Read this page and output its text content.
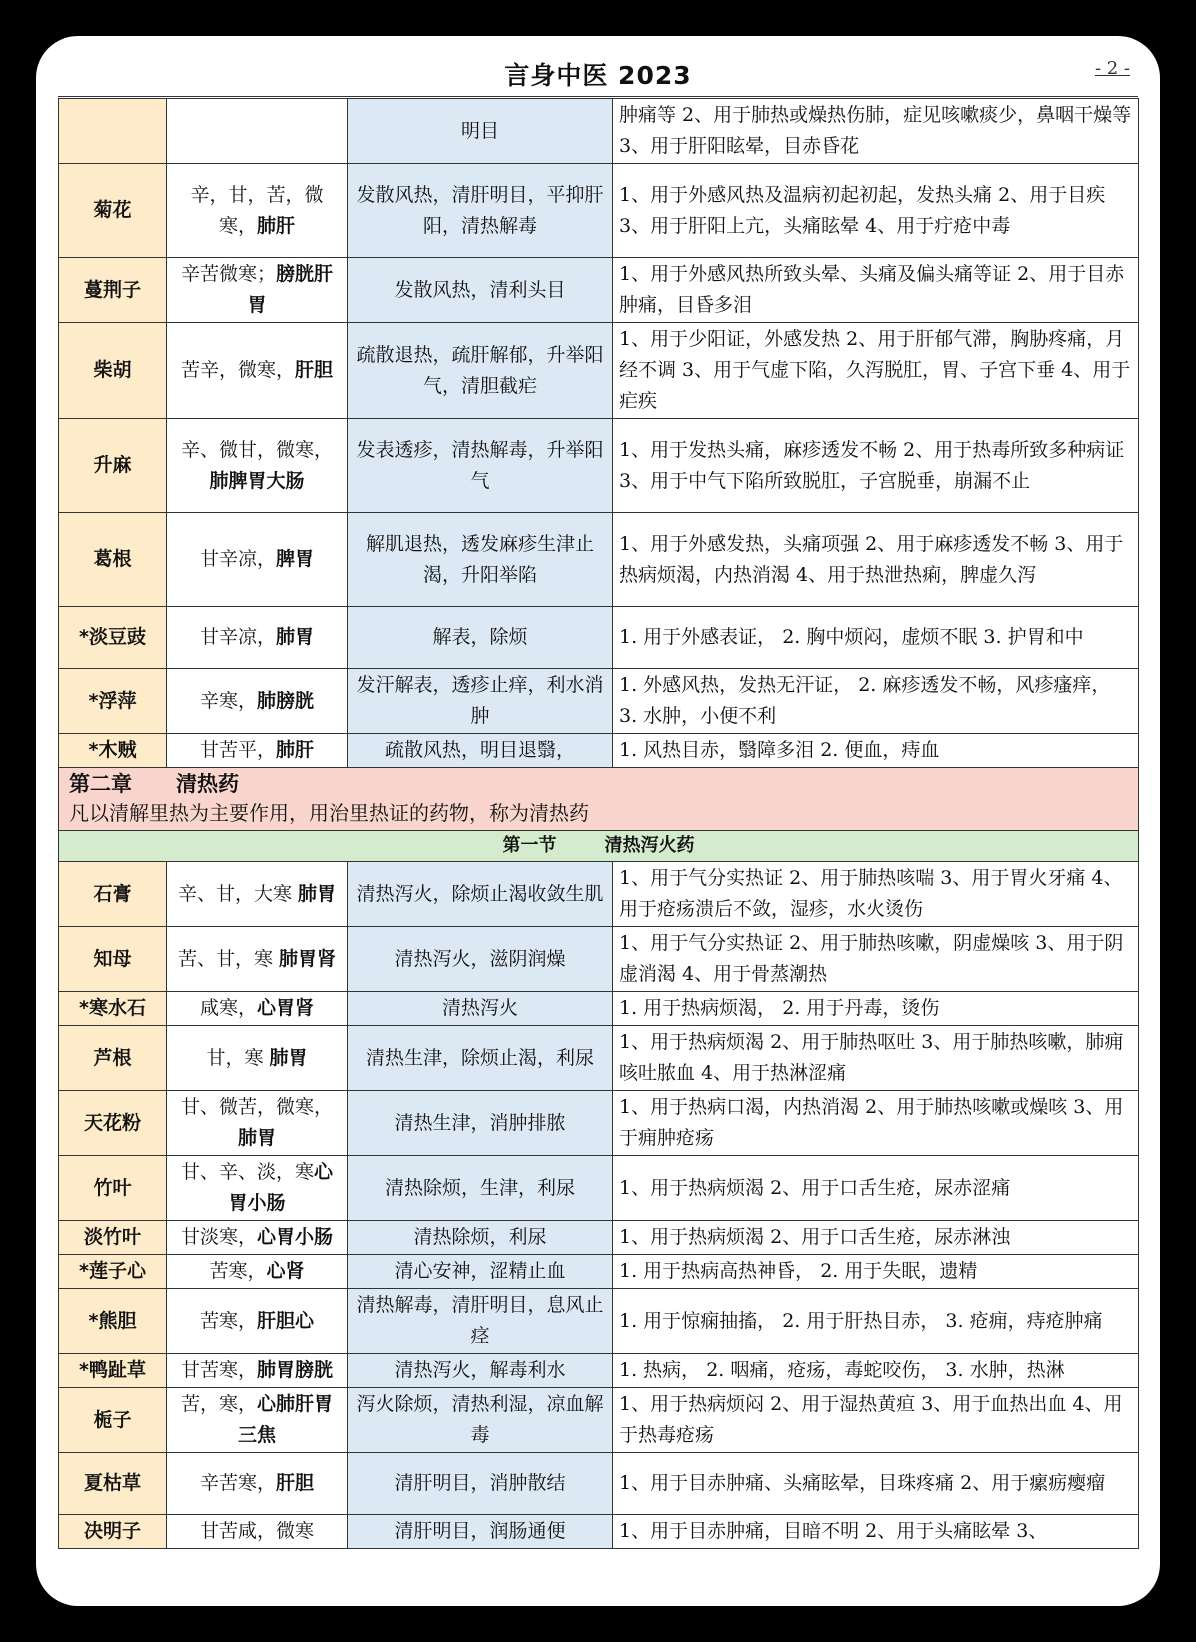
言身中医 2023	- 2 -
		明目	肿痛等 2、用于肺热或燥热伤肺，症见咳嗽痰少，鼻咽干燥等 3、用于肝阳眩晕，目赤昏花
菊花	辛，甘，苦，微寒，肺肝	发散风热，清肝明目，平抑肝阳，清热解毒	1、用于外感风热及温病初起初起，发热头痛 2、用于目疾 3、用于肝阳上亢，头痛眩晕 4、用于疔疮中毒
蔓荆子	辛苦微寒；膀胱肝胃	发散风热，清利头目	1、用于外感风热所致头晕、头痛及偏头痛等证 2、用于目赤肿痛，目昏多泪
柴胡	苦辛，微寒，肝胆	疏散退热，疏肝解郁，升举阳气，清胆截疟	1、用于少阳证，外感发热 2、用于肝郁气滞，胸胁疼痛，月经不调 3、用于气虚下陷，久泻脱肛，胃、子宫下垂 4、用于疟疾
升麻	辛、微甘，微寒，肺脾胃大肠	发表透疹，清热解毒，升举阳气	1、用于发热头痛，麻疹透发不畅 2、用于热毒所致多种病证 3、用于中气下陷所致脱肛，子宫脱垂，崩漏不止
葛根	甘辛凉，脾胃	解肌退热，透发麻疹生津止渴，升阳举陷	1、用于外感发热，头痛项强 2、用于麻疹透发不畅 3、用于热病烦渴，内热消渴 4、用于热泄热痢，脾虚久泻
*淡豆豉	甘辛凉，肺胃	解表，除烦	1. 用于外感表证， 2. 胸中烦闷，虚烦不眠 3. 护胃和中
*浮萍	辛寒，肺膀胱	发汗解表，透疹止痒，利水消肿	1. 外感风热，发热无汗证， 2. 麻疹透发不畅，风疹瘙痒， 3. 水肿，小便不利
*木贼	甘苦平，肺肝	疏散风热，明目退翳，	1. 风热目赤，翳障多泪 2. 便血，痔血

第二章 清热药
凡以清解里热为主要作用，用治里热证的药物，称为清热药			

第一节 清热泻火药			
石膏	辛、甘，大寒 肺胃	清热泻火，除烦止渴收敛生肌	1、用于气分实热证 2、用于肺热咳喘 3、用于胃火牙痛 4、用于疮疡溃后不敛，湿疹，水火烫伤
知母	苦、甘，寒 肺胃肾	清热泻火，滋阴润燥	1、用于气分实热证 2、用于肺热咳嗽，阴虚燥咳 3、用于阴虚消渴 4、用于骨蒸潮热
*寒水石	咸寒，心胃肾	清热泻火	1. 用于热病烦渴， 2. 用于丹毒，烫伤
芦根	甘，寒 肺胃	清热生津，除烦止渴，利尿	1、用于热病烦渴 2、用于肺热呕吐 3、用于肺热咳嗽，肺痈咳吐脓血 4、用于热淋涩痛
天花粉	甘、微苦，微寒，肺胃	清热生津，消肿排脓	1、用于热病口渴，内热消渴 2、用于肺热咳嗽或燥咳 3、用于痈肿疮疡
竹叶	甘、辛、淡，寒心胃小肠	清热除烦，生津，利尿	1、用于热病烦渴 2、用于口舌生疮，尿赤涩痛
淡竹叶	甘淡寒，心胃小肠	清热除烦，利尿	1、用于热病烦渴 2、用于口舌生疮，尿赤淋浊
*莲子心	苦寒，心肾	清心安神，涩精止血	1. 用于热病高热神昏， 2. 用于失眠，遗精
*熊胆	苦寒，肝胆心	清热解毒，清肝明目，息风止痉	1. 用于惊痫抽搐， 2. 用于肝热目赤， 3. 疮痈，痔疮肿痛
*鸭趾草	甘苦寒，肺胃膀胱	清热泻火，解毒利水	1. 热病， 2. 咽痛，疮疡，毒蛇咬伤， 3. 水肿，热淋
栀子	苦，寒，心肺肝胃三焦	泻火除烦，清热利湿，凉血解毒	1、用于热病烦闷 2、用于湿热黄疸 3、用于血热出血 4、用于热毒疮疡
夏枯草	辛苦寒，肝胆	清肝明目，消肿散结	1、用于目赤肿痛、头痛眩晕，目珠疼痛 2、用于瘰疬瘿瘤
决明子	甘苦咸，微寒	清肝明目，润肠通便	1、用于目赤肿痛，目暗不明 2、用于头痛眩晕 3、
